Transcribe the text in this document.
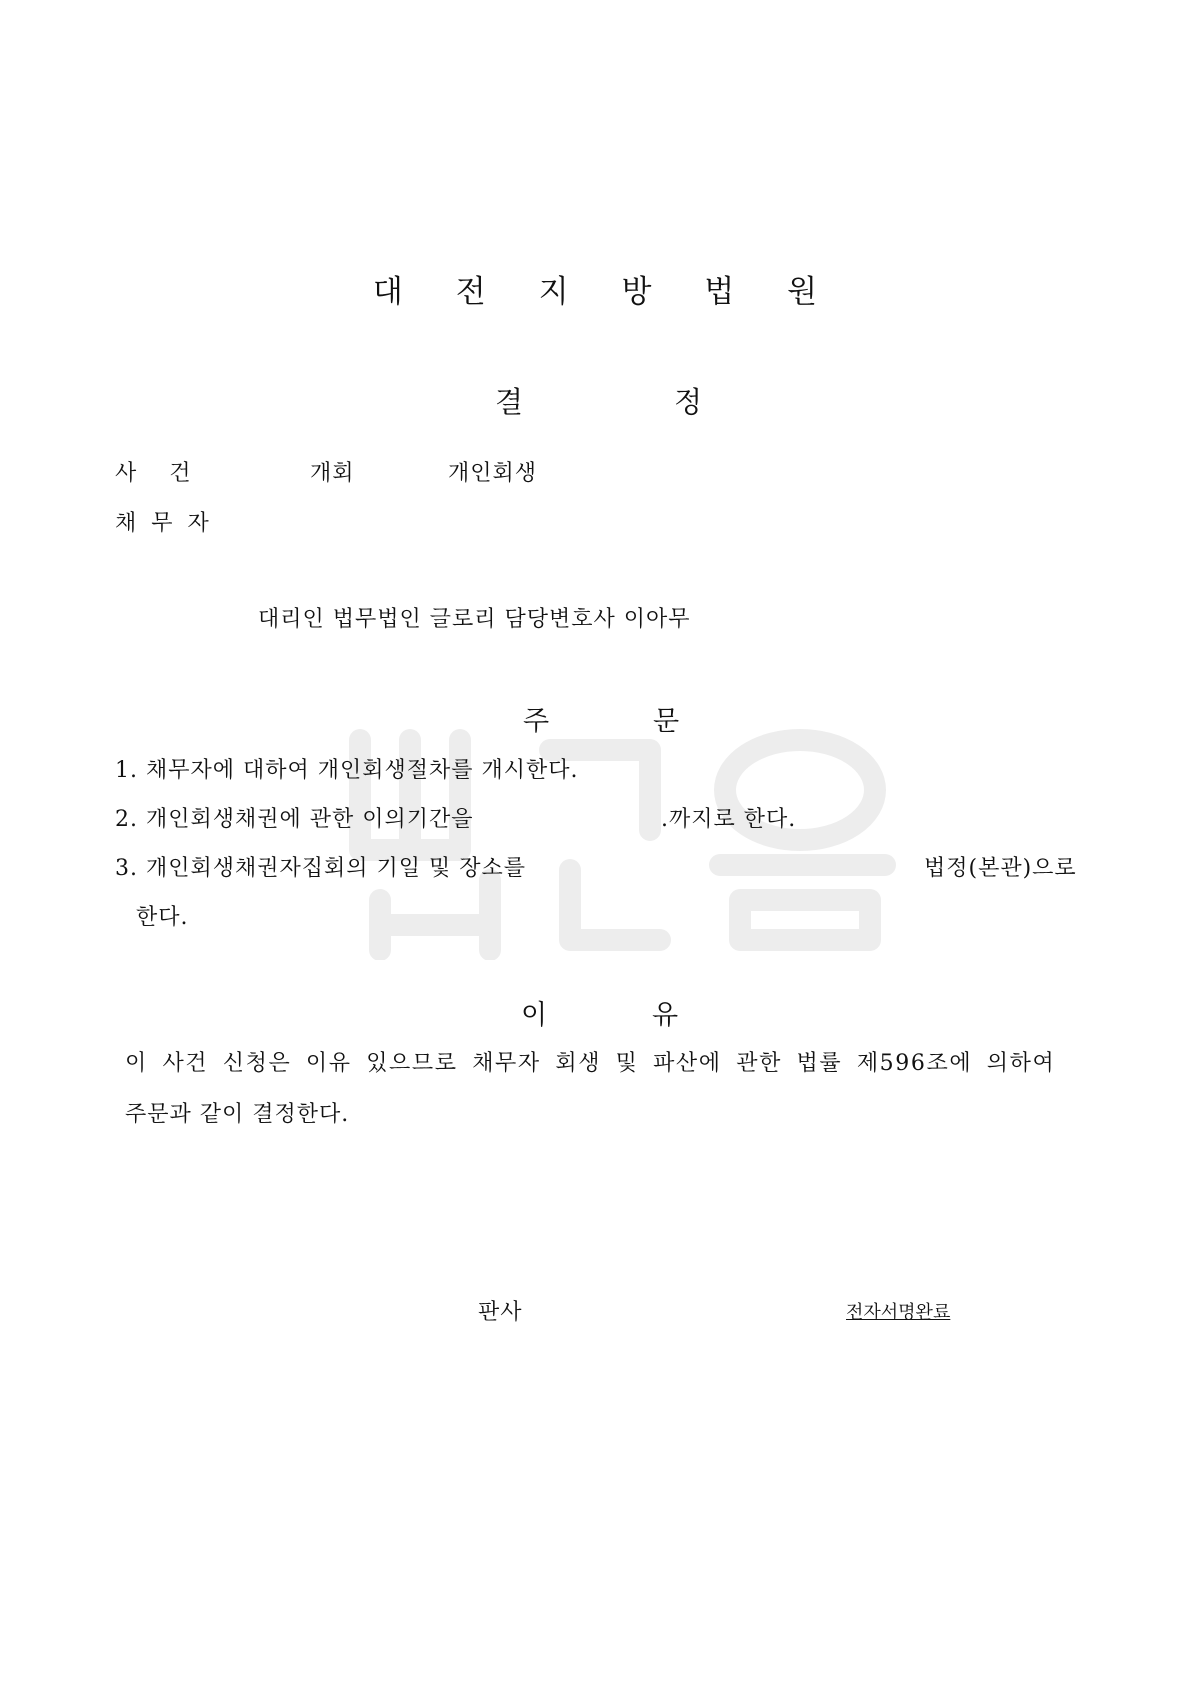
대 전 지 방 법 원
결	정
사 건	개회	개인회생
채 무 자
대리인 법무법인 글로리 담당변호사 이아무
주	문
1. 채무자에 대하여 개인회생절차를 개시한다.
2. 개인회생채권에 관한 이의기간을	.까지로 한다.
3. 개인회생채권자집회의 기일 및 장소를	법정(본관)으로
한다.
이	유
이 사건 신청은 이유 있으므로 채무자 회생 및 파산에 관한 법률 제596조에 의하여
주문과 같이 결정한다.
판사	전자서명완료
